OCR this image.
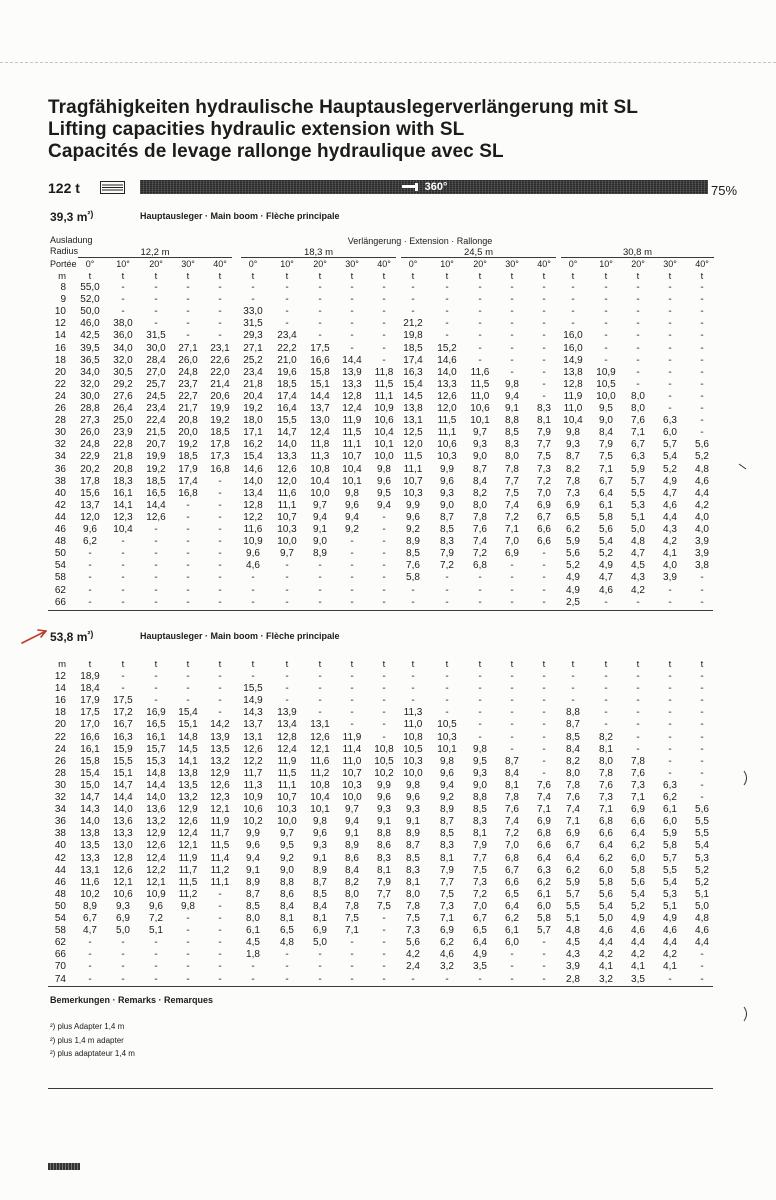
Tragfähigkeiten hydraulische Hauptauslegerverlängerung mit SL
Lifting capacities hydraulic extension with SL
Capacités de levage rallonge hydraulique avec SL
122 t	360°	75%
39,3 m$^{^2)}$	Hauptausleger · Main boom · Flèche principale
Ausladung
Radius
Portée
Verlängerung · Extension · Rallonge
12,2 m	18,3 m	24,5 m	30,8 m
0°	10°	20°	30°	40°	0°	10°	20°	30°	40°	0°	10°	20°	30°	40°	0°	10°	20°	30°	40°
m	t	t	t	t	t	t	t	t	t	t	t	t	t	t	t	t	t	t	t	t
8	55,0	-	-	-	-	-	-	-	-	-	-	-	-	-	-	-	-	-	-	-
9	52,0	-	-	-	-	-	-	-	-	-	-	-	-	-	-	-	-	-	-	-
10	50,0	-	-	-	-	33,0	-	-	-	-	-	-	-	-	-	-	-	-	-	-
12	46,0	38,0	-	-	-	31,5	-	-	-	-	21,2	-	-	-	-	-	-	-	-	-
14	42,5	36,0	31,5	-	-	29,3	23,4	-	-	-	19,8	-	-	-	-	16,0	-	-	-	-
16	39,5	34,0	30,0	27,1	23,1	27,1	22,2	17,5	-	-	18,5	15,2	-	-	-	16,0	-	-	-	-
18	36,5	32,0	28,4	26,0	22,6	25,2	21,0	16,6	14,4	-	17,4	14,6	-	-	-	14,9	-	-	-	-
20	34,0	30,5	27,0	24,8	22,0	23,4	19,6	15,8	13,9	11,8 16,3	14,0	11,6	-	-	13,8	10,9	-	-	-
22	32,0	29,2	25,7	23,7	21,4	21,8	18,5	15,1	13,3	11,5 15,4	13,3	11,5	9,8	-	12,8	10,5	-	-	-
24	30,0	27,6	24,5	22,7	20,6	20,4	17,4	14,4	12,8	11,1 14,5	12,6	11,0	9,4	-	11,9	10,0	8,0	-	-
26	28,8	26,4	23,4	21,7	19,9	19,2	16,4	13,7	12,4	10,9 13,8	12,0	10,6	9,1	8,3	11,0	9,5	8,0	-	-
28	27,3	25,0	22,4	20,8	19,2	18,0	15,5	13,0	11,9	10,6 13,1	11,5	10,1	8,8	8,1	10,4	9,0	7,6	6,3	-
30	26,0	23,9	21,5	20,0	18,5	17,1	14,7	12,4	11,5	10,4 12,5	11,1	9,7	8,5	7,9	9,8	8,4	7,1	6,0	-
32	24,8	22,8	20,7	19,2	17,8	16,2	14,0	11,8	11,1	10,1 12,0	10,6	9,3	8,3	7,7	9,3	7,9	6,7	5,7	5,6
34	22,9	21,8	19,9	18,5	17,3	15,4	13,3	11,3	10,7	10,0 11,5	10,3	9,0	8,0	7,5	8,7	7,5	6,3	5,4	5,2
36	20,2	20,8	19,2	17,9	16,8	14,6	12,6	10,8	10,4	9,8	11,1	9,9	8,7	7,8	7,3	8,2	7,1	5,9	5,2	4,8
38	17,8	18,3	18,5	17,4	-	14,0	12,0	10,4	10,1	9,6	10,7	9,6	8,4	7,7	7,2	7,8	6,7	5,7	4,9	4,6
40	15,6	16,1	16,5	16,8	-	13,4	11,6	10,0	9,8	9,5	10,3	9,3	8,2	7,5	7,0	7,3	6,4	5,5	4,7	4,4
42	13,7	14,1	14,4	-	-	12,8	11,1	9,7	9,6	9,4	9,9	9,0	8,0	7,4	6,9	6,9	6,1	5,3	4,6	4,2
44	12,0	12,3	12,6	-	-	12,2	10,7	9,4	9,4	-	9,6	8,7	7,8	7,2	6,7	6,5	5,8	5,1	4,4	4,0
46	9,6	10,4	-	-	-	11,6	10,3	9,1	9,2	-	9,2	8,5	7,6	7,1	6,6	6,2	5,6	5,0	4,3	4,0
48	6,2	-	-	-	-	10,9	10,0	9,0	-	-	8,9	8,3	7,4	7,0	6,6	5,9	5,4	4,8	4,2	3,9
50	-	-	-	-	-	9,6	9,7	8,9	-	-	8,5	7,9	7,2	6,9	-	5,6	5,2	4,7	4,1	3,9
54	-	-	-	-	-	4,6	-	-	-	-	7,6	7,2	6,8	-	-	5,2	4,9	4,5	4,0	3,8
58	-	-	-	-	-	-	-	-	-	-	5,8	-	-	-	-	4,9	4,7	4,3	3,9	-
62	-	-	-	-	-	-	-	-	-	-	-	-	-	-	-	4,9	4,6	4,2	-	-
66	-	-	-	-	-	-	-	-	-	-	-	-	-	-	-	2,5	-	-	-	-
53,8 m$^{^2)}$	Hauptausleger · Main boom · Flèche principale
m	t	t	t	t	t	t	t	t	t	t	t	t	t	t	t	t	t	t	t	t
12	18,9	-	-	-	-	-	-	-	-	-	-	-	-	-	-	-	-	-	-	-
14	18,4	-	-	-	-	15,5	-	-	-	-	-	-	-	-	-	-	-	-	-	-
16	17,9	17,5	-	-	-	14,9	-	-	-	-	-	-	-	-	-	-	-	-	-	-
18	17,5	17,2	16,9	15,4	-	14,3	13,9	-	-	-	11,3	-	-	-	-	8,8	-	-	-	-
20	17,0	16,7	16,5	15,1	14,2	13,7	13,4	13,1	-	-	11,0	10,5	-	-	-	8,7	-	-	-	-
22	16,6	16,3	16,1	14,8	13,9	13,1	12,8	12,6	11,9	-	10,8	10,3	-	-	-	8,5	8,2	-	-	-
24	16,1	15,9	15,7	14,5	13,5	12,6	12,4	12,1	11,4	10,8 10,5	10,1	9,8	-	-	8,4	8,1	-	-	-
26	15,8	15,5	15,3	14,1	13,2	12,2	11,9	11,6	11,0	10,5 10,3	9,8	9,5	8,7	-	8,2	8,0	7,8	-	-
28	15,4	15,1	14,8	13,8	12,9	11,7	11,5	11,2	10,7	10,2 10,0	9,6	9,3	8,4	-	8,0	7,8	7,6	-	-
30	15,0	14,7	14,4	13,5	12,6	11,3	11,1	10,8	10,3	9,9	9,8	9,4	9,0	8,1	7,6	7,8	7,6	7,3	6,3	-
32	14,7	14,4	14,0	13,2	12,3	10,9	10,7	10,4	10,0	9,6	9,6	9,2	8,8	7,8	7,4	7,6	7,3	7,1	6,2	-
34	14,3	14,0	13,6	12,9	12,1	10,6	10,3	10,1	9,7	9,3	9,3	8,9	8,5	7,6	7,1	7,4	7,1	6,9	6,1	5,6
36	14,0	13,6	13,2	12,6	11,9	10,2	10,0	9,8	9,4	9,1	9,1	8,7	8,3	7,4	6,9	7,1	6,8	6,6	6,0	5,5
38	13,8	13,3	12,9	12,4	11,7	9,9	9,7	9,6	9,1	8,8	8,9	8,5	8,1	7,2	6,8	6,9	6,6	6,4	5,9	5,5
40	13,5	13,0	12,6	12,1	11,5	9,6	9,5	9,3	8,9	8,6	8,7	8,3	7,9	7,0	6,6	6,7	6,4	6,2	5,8	5,4
42	13,3	12,8	12,4	11,9	11,4	9,4	9,2	9,1	8,6	8,3	8,5	8,1	7,7	6,8	6,4	6,4	6,2	6,0	5,7	5,3
44	13,1	12,6	12,2	11,7	11,2	9,1	9,0	8,9	8,4	8,1	8,3	7,9	7,5	6,7	6,3	6,2	6,0	5,8	5,5	5,2
46	11,6	12,1	12,1	11,5	11,1	8,9	8,8	8,7	8,2	7,9	8,1	7,7	7,3	6,6	6,2	5,9	5,8	5,6	5,4	5,2
48	10,2	10,6	10,9	11,2	-	8,7	8,6	8,5	8,0	7,7	8,0	7,5	7,2	6,5	6,1	5,7	5,6	5,4	5,3	5,1
50	8,9	9,3	9,6	9,8	-	8,5	8,4	8,4	7,8	7,5	7,8	7,3	7,0	6,4	6,0	5,5	5,4	5,2	5,1	5,0
54	6,7	6,9	7,2	-	-	8,0	8,1	8,1	7,5	-	7,5	7,1	6,7	6,2	5,8	5,1	5,0	4,9	4,9	4,8
58	4,7	5,0	5,1	-	-	6,1	6,5	6,9	7,1	-	7,3	6,9	6,5	6,1	5,7	4,8	4,6	4,6	4,6	4,6
62	-	-	-	-	-	4,5	4,8	5,0	-	-	5,6	6,2	6,4	6,0	-	4,5	4,4	4,4	4,4	4,4
66	-	-	-	-	-	1,8	-	-	-	-	4,2	4,6	4,9	-	-	4,3	4,2	4,2	4,2	-
70	-	-	-	-	-	-	-	-	-	-	2,4	3,2	3,5	-	-	3,9	4,1	4,1	4,1	-
74	-	-	-	-	-	-	-	-	-	-	-	-	-	-	-	2,8	3,2	3,5	-	-
Bemerkungen · Remarks · Remarques
²) plus Adapter 1,4 m
²) plus 1,4 m adapter
²) plus adaptateur 1,4 m
